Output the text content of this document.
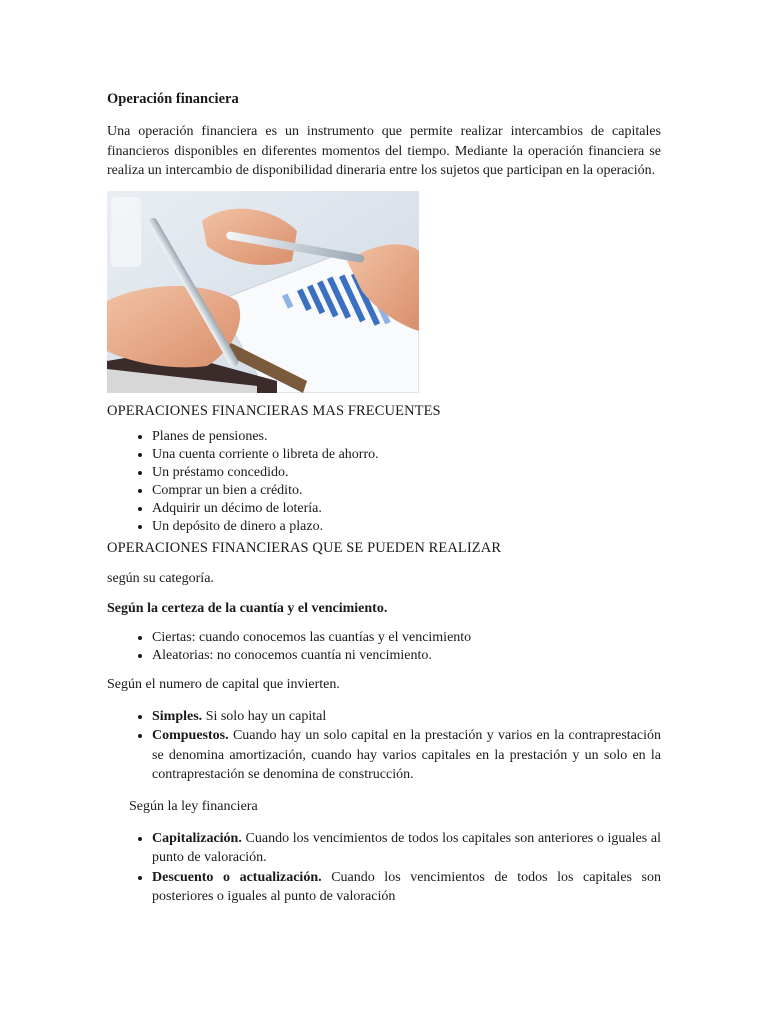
Operación financiera

Una operación financiera es un instrumento que permite realizar intercambios de capitales financieros disponibles en diferentes momentos del tiempo. Mediante la operación financiera se realiza un intercambio de disponibilidad dineraria entre los sujetos que participan en la operación.

OPERACIONES FINANCIERAS MAS FRECUENTES

• Planes de pensiones.
• Una cuenta corriente o libreta de ahorro.
• Un préstamo concedido.
• Comprar un bien a crédito.
• Adquirir un décimo de lotería.
• Un depósito de dinero a plazo.

OPERACIONES FINANCIERAS QUE SE PUEDEN REALIZAR

según su categoría.

Según la certeza de la cuantía y el vencimiento.

• Ciertas: cuando conocemos las cuantías y el vencimiento
• Aleatorias: no conocemos cuantía ni vencimiento.

Según el numero de capital que invierten.

• Simples. Si solo hay un capital
• Compuestos. Cuando hay un solo capital en la prestación y varios en la contraprestación se denomina amortización, cuando hay varios capitales en la prestación y un solo en la contraprestación se denomina de construcción.

Según la ley financiera

• Capitalización. Cuando los vencimientos de todos los capitales son anteriores o iguales al punto de valoración.
• Descuento o actualización. Cuando los vencimientos de todos los capitales son posteriores o iguales al punto de valoración
